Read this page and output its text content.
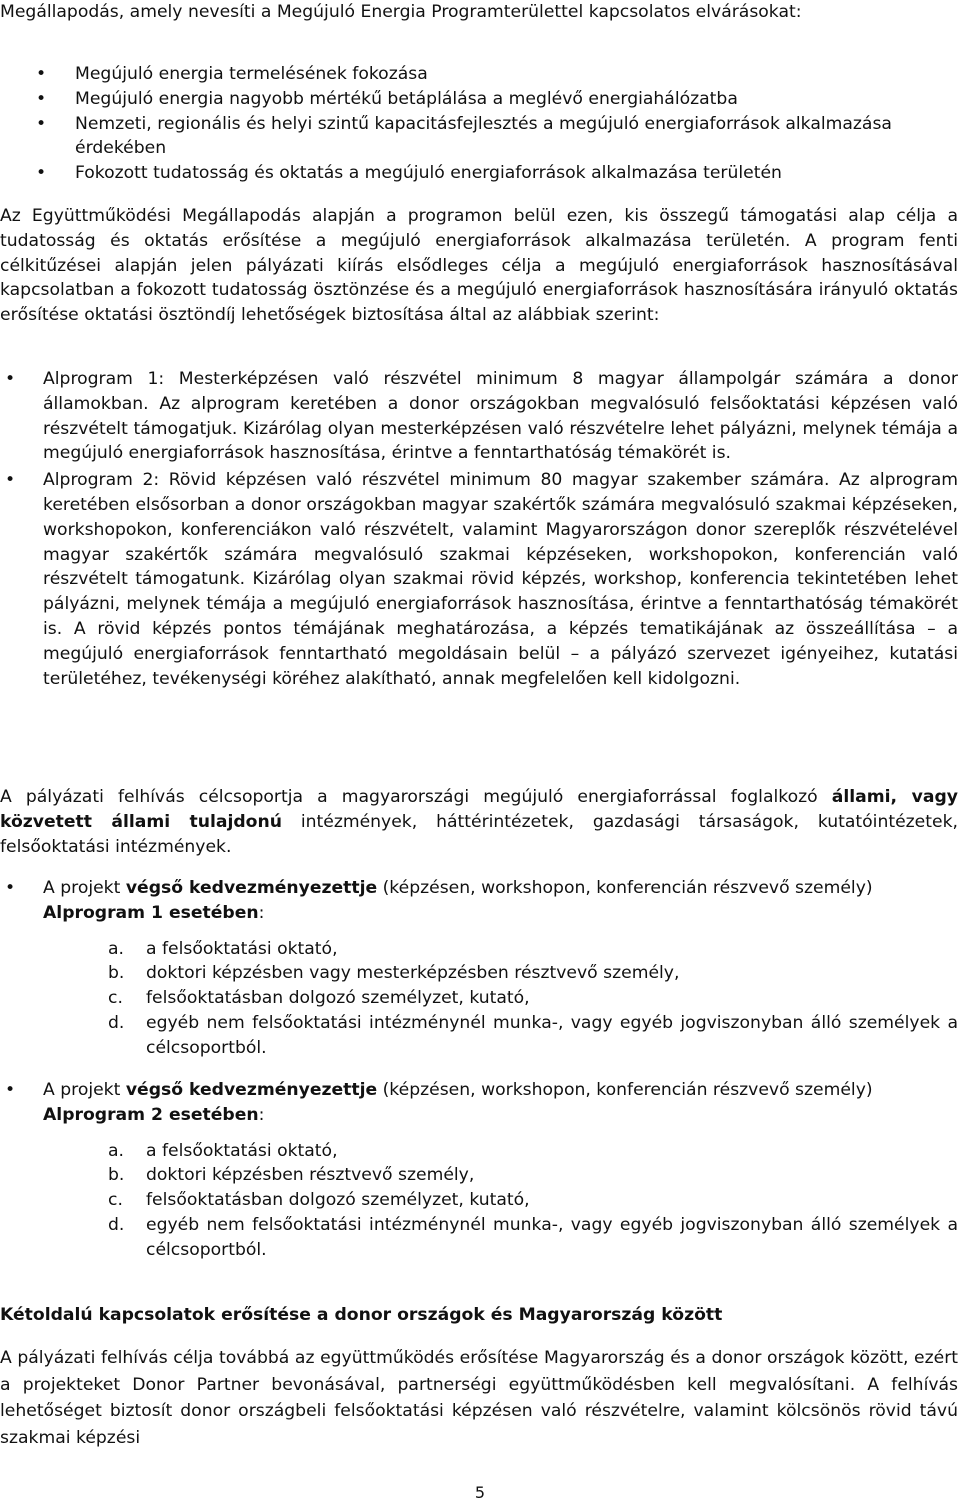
Megállapodás, amely nevesíti a Megújuló Energia Programterülettel kapcsolatos elvárásokat:

• Megújuló energia termelésének fokozása
• Megújuló energia nagyobb mértékű betáplálása a meglévő energiahálózatba
• Nemzeti, regionális és helyi szintű kapacitásfejlesztés a megújuló energiaforrások alkalmazása érdekében
• Fokozott tudatosság és oktatás a megújuló energiaforrások alkalmazása területén

Az Együttműködési Megállapodás alapján a programon belül ezen, kis összegű támogatási alap célja a tudatosság és oktatás erősítése a megújuló energiaforrások alkalmazása területén. A program fenti célkitűzései alapján jelen pályázati kiírás elsődleges célja a megújuló energiaforrások hasznosításával kapcsolatban a fokozott tudatosság ösztönzése és a megújuló energiaforrások hasznosítására irányuló oktatás erősítése oktatási ösztöndíj lehetőségek biztosítása által az alábbiak szerint:

• Alprogram 1: Mesterképzésen való részvétel minimum 8 magyar állampolgár számára a donor államokban. Az alprogram keretében a donor országokban megvalósuló felsőoktatási képzésen való részvételt támogatjuk. Kizárólag olyan mesterképzésen való részvételre lehet pályázni, melynek témája a megújuló energiaforrások hasznosítása, érintve a fenntarthatóság témakörét is.
• Alprogram 2: Rövid képzésen való részvétel minimum 80 magyar szakember számára. Az alprogram keretében elsősorban a donor országokban magyar szakértők számára megvalósuló szakmai képzéseken, workshopokon, konferenciákon való részvételt, valamint Magyarországon donor szereplők részvételével magyar szakértők számára megvalósuló szakmai képzéseken, workshopokon, konferencián való részvételt támogatunk. Kizárólag olyan szakmai rövid képzés, workshop, konferencia tekintetében lehet pályázni, melynek témája a megújuló energiaforrások hasznosítása, érintve a fenntarthatóság témakörét is. A rövid képzés pontos témájának meghatározása, a képzés tematikájának az összeállítása – a megújuló energiaforrások fenntartható megoldásain belül – a pályázó szervezet igényeihez, kutatási területéhez, tevékenységi köréhez alakítható, annak megfelelően kell kidolgozni.

A pályázati felhívás célcsoportja a magyarországi megújuló energiaforrással foglalkozó állami, vagy közvetett állami tulajdonú intézmények, háttérintézetek, gazdasági társaságok, kutatóintézetek, felsőoktatási intézmények.

• A projekt végső kedvezményezettje (képzésen, workshopon, konferencián részvevő személy) Alprogram 1 esetében:
a. a felsőoktatási oktató,
b. doktori képzésben vagy mesterképzésben résztvevő személy,
c. felsőoktatásban dolgozó személyzet, kutató,
d. egyéb nem felsőoktatási intézménynél munka-, vagy egyéb jogviszonyban álló személyek a célcsoportból.
• A projekt végső kedvezményezettje (képzésen, workshopon, konferencián részvevő személy) Alprogram 2 esetében:
a. a felsőoktatási oktató,
b. doktori képzésben résztvevő személy,
c. felsőoktatásban dolgozó személyzet, kutató,
d. egyéb nem felsőoktatási intézménynél munka-, vagy egyéb jogviszonyban álló személyek a célcsoportból.
Kétoldalú kapcsolatok erősítése a donor országok és Magyarország között

A pályázati felhívás célja továbbá az együttműködés erősítése Magyarország és a donor országok között, ezért a projekteket Donor Partner bevonásával, partnerségi együttműködésben kell megvalósítani. A felhívás lehetőséget biztosít donor országbeli felsőoktatási képzésen való részvételre, valamint kölcsönös rövid távú szakmai képzési

5
